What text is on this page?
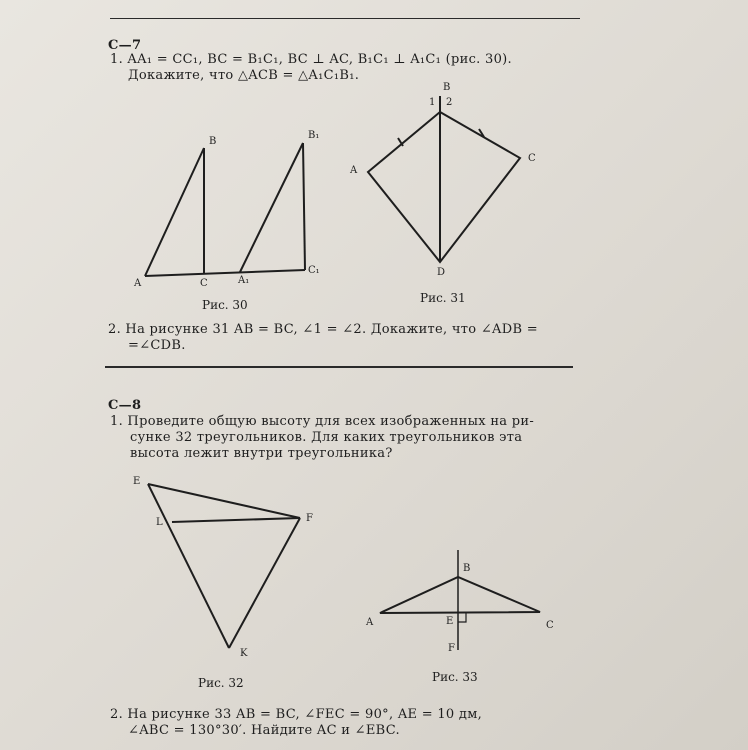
С—7
1. AA₁ = CC₁, BC = B₁C₁, BC ⊥ AC, B₁C₁ ⊥ A₁C₁ (рис. 30).
Докажите, что △ACB = △A₁C₁B₁.
B
B₁
A	C	A₁
C₁
Рис. 30
B
1 2
A
C
D
Рис. 31
2. На рисунке 31 AB = BC, ∠1 = ∠2. Докажите, что ∠ADB =
=∠CDB.
С—8
1. Проведите общую высоту для всех изображенных на ри-
сунке 32 треугольников. Для каких треугольников эта
высота лежит внутри треугольника?
E
L	F
K
Рис. 32
B
A	E	C
F
Рис. 33
2. На рисунке 33 AB = BC, ∠FEC = 90°, AE = 10 дм,
∠ABC = 130°30′. Найдите AC и ∠EBC.
